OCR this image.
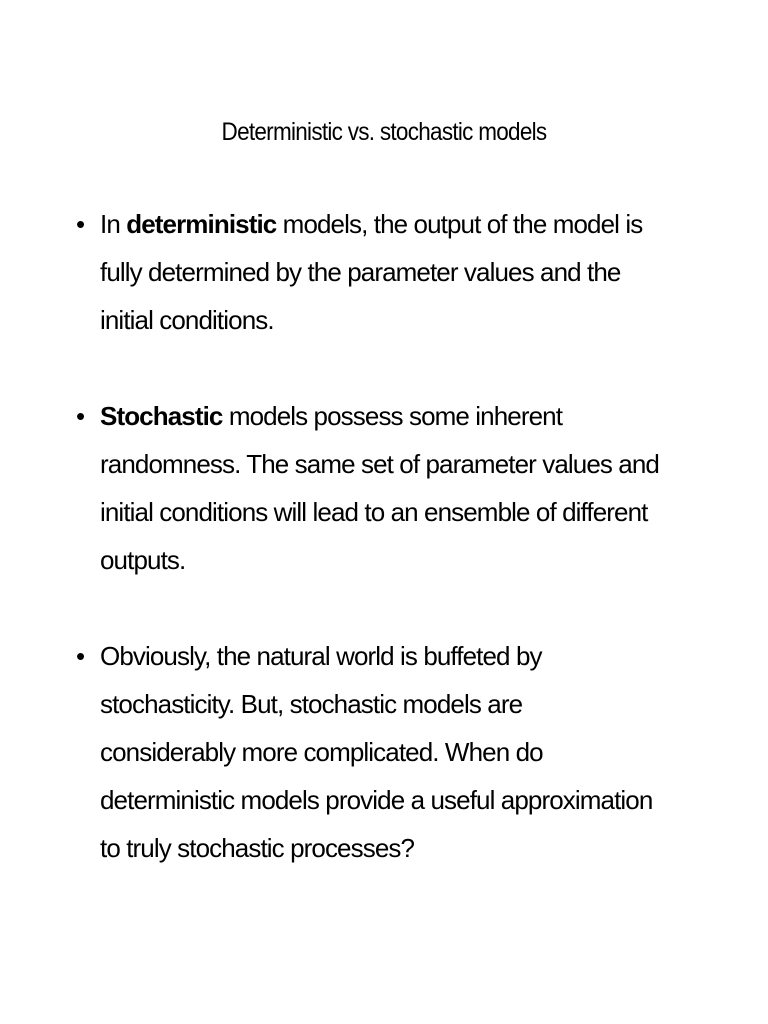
Deterministic vs. stochastic models
• In deterministic models, the output of the model is fully determined by the parameter values and the initial conditions.
• Stochastic models possess some inherent randomness. The same set of parameter values and initial conditions will lead to an ensemble of different outputs.
• Obviously, the natural world is buffeted by stochasticity. But, stochastic models are considerably more complicated. When do deterministic models provide a useful approximation to truly stochastic processes?
